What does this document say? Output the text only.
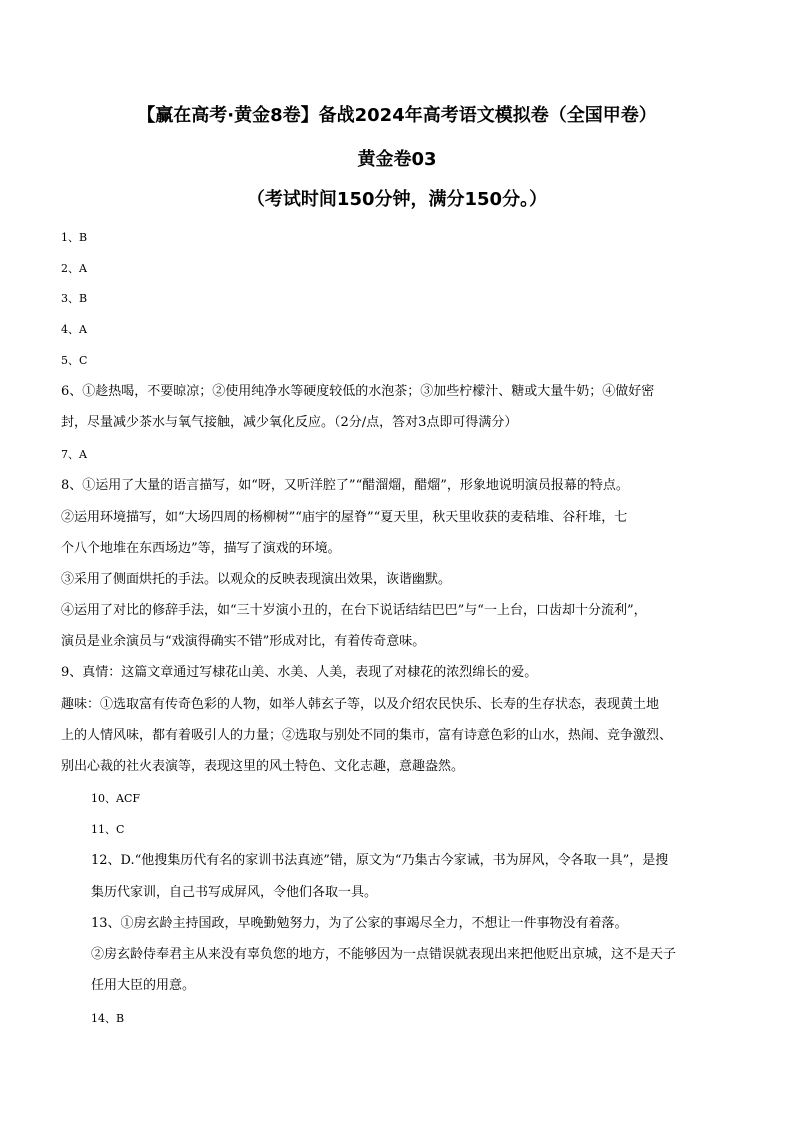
【赢在高考·黄金8卷】备战2024年高考语文模拟卷（全国甲卷）
黄金卷03
（考试时间150分钟，满分150分。）
1、B
2、A
3、B
4、A
5、C
6、①趁热喝，不要晾凉；②使用纯净水等硬度较低的水泡茶；③加些柠檬汁、糖或大量牛奶；④做好密
封，尽量减少茶水与氧气接触，减少氧化反应。（2分/点，答对3点即可得满分）
7、A
8、①运用了大量的语言描写，如“呀，又听洋腔了”“醋溜熘，醋熘”，形象地说明演员报幕的特点。
②运用环境描写，如“大场四周的杨柳树”“庙宇的屋脊”“夏天里，秋天里收获的麦秸堆、谷秆堆，七
个八个地堆在东西场边”等，描写了演戏的环境。
③采用了侧面烘托的手法。以观众的反映表现演出效果，诙谐幽默。
④运用了对比的修辞手法，如“三十岁演小丑的，在台下说话结结巴巴”与“一上台，口齿却十分流利”，
演员是业余演员与“戏演得确实不错”形成对比，有着传奇意味。
9、真情：这篇文章通过写棣花山美、水美、人美，表现了对棣花的浓烈绵长的爱。
趣味：①选取富有传奇色彩的人物，如举人韩玄子等，以及介绍农民快乐、长寿的生存状态，表现黄土地
上的人情风味，都有着吸引人的力量；②选取与别处不同的集市，富有诗意色彩的山水，热闹、竞争激烈、
别出心裁的社火表演等，表现这里的风土特色、文化志趣，意趣盎然。
10、ACF
11、C
12、D.“他搜集历代有名的家训书法真迹”错，原文为“乃集古今家诫，书为屏风，令各取一具”，是搜
集历代家训，自己书写成屏风，令他们各取一具。
13、①房玄龄主持国政，早晚勤勉努力，为了公家的事竭尽全力，不想让一件事物没有着落。
②房玄龄侍奉君主从来没有辜负您的地方，不能够因为一点错误就表现出来把他贬出京城，这不是天子
任用大臣的用意。
14、B
